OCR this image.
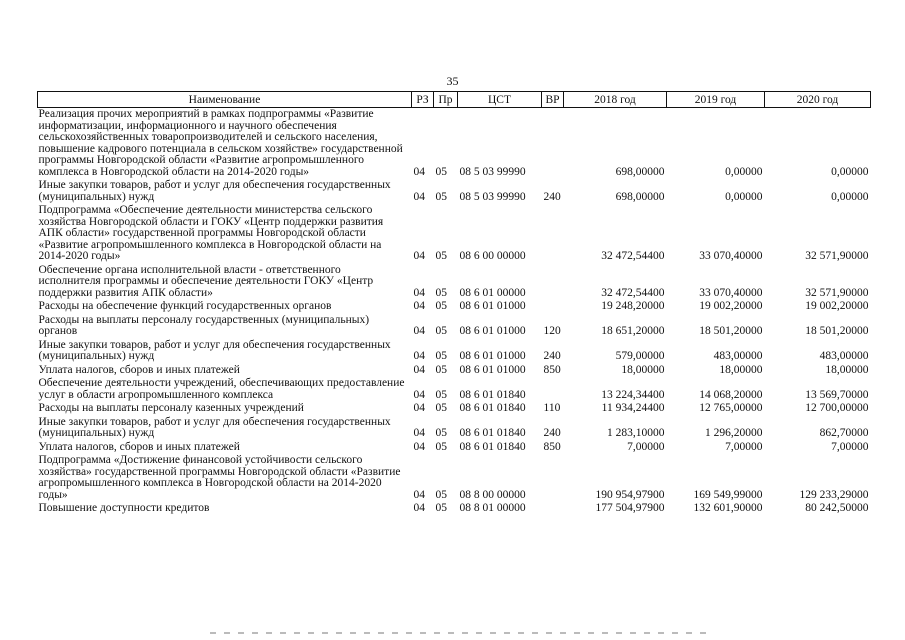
35
Наименование	РЗ	Пр	ЦСТ	ВР	2018 год	2019 год	2020 год
Реализация прочих мероприятий в рамках подпрограммы «Развитие информатизации, информационного и научного обеспечения сельскохозяйственных товаропроизводителей и сельского населения, повышение кадрового потенциала в сельском хозяйстве» государственной программы Новгородской области «Развитие агропромышленного комплекса в Новгородской области на 2014-2020 годы»	04	05	08 5 03 99990		698,00000	0,00000	0,00000
Иные закупки товаров, работ и услуг для обеспечения государственных (муниципальных) нужд	04	05	08 5 03 99990	240	698,00000	0,00000	0,00000
Подпрограмма «Обеспечение деятельности министерства сельского хозяйства Новгородской области и ГОКУ «Центр поддержки развития АПК области» государственной программы Новгородской области «Развитие агропромышленного комплекса в Новгородской области на 2014-2020 годы»	04	05	08 6 00 00000		32 472,54400	33 070,40000	32 571,90000
Обеспечение органа исполнительной власти - ответственного исполнителя программы и обеспечение деятельности ГОКУ «Центр поддержки развития АПК области»	04	05	08 6 01 00000		32 472,54400	33 070,40000	32 571,90000
Расходы на обеспечение функций государственных органов	04	05	08 6 01 01000		19 248,20000	19 002,20000	19 002,20000
Расходы на выплаты персоналу государственных (муниципальных) органов	04	05	08 6 01 01000	120	18 651,20000	18 501,20000	18 501,20000
Иные закупки товаров, работ и услуг для обеспечения государственных (муниципальных) нужд	04	05	08 6 01 01000	240	579,00000	483,00000	483,00000
Уплата налогов, сборов и иных платежей	04	05	08 6 01 01000	850	18,00000	18,00000	18,00000
Обеспечение деятельности учреждений, обеспечивающих предоставление услуг в области агропромышленного комплекса	04	05	08 6 01 01840		13 224,34400	14 068,20000	13 569,70000
Расходы на выплаты персоналу казенных учреждений	04	05	08 6 01 01840	110	11 934,24400	12 765,00000	12 700,00000
Иные закупки товаров, работ и услуг для обеспечения государственных (муниципальных) нужд	04	05	08 6 01 01840	240	1 283,10000	1 296,20000	862,70000
Уплата налогов, сборов и иных платежей	04	05	08 6 01 01840	850	7,00000	7,00000	7,00000
Подпрограмма «Достижение финансовой устойчивости сельского хозяйства» государственной программы Новгородской области «Развитие агропромышленного комплекса в Новгородской области на 2014-2020 годы»	04	05	08 8 00 00000		190 954,97900	169 549,99000	129 233,29000
Повышение доступности кредитов	04	05	08 8 01 00000		177 504,97900	132 601,90000	80 242,50000
